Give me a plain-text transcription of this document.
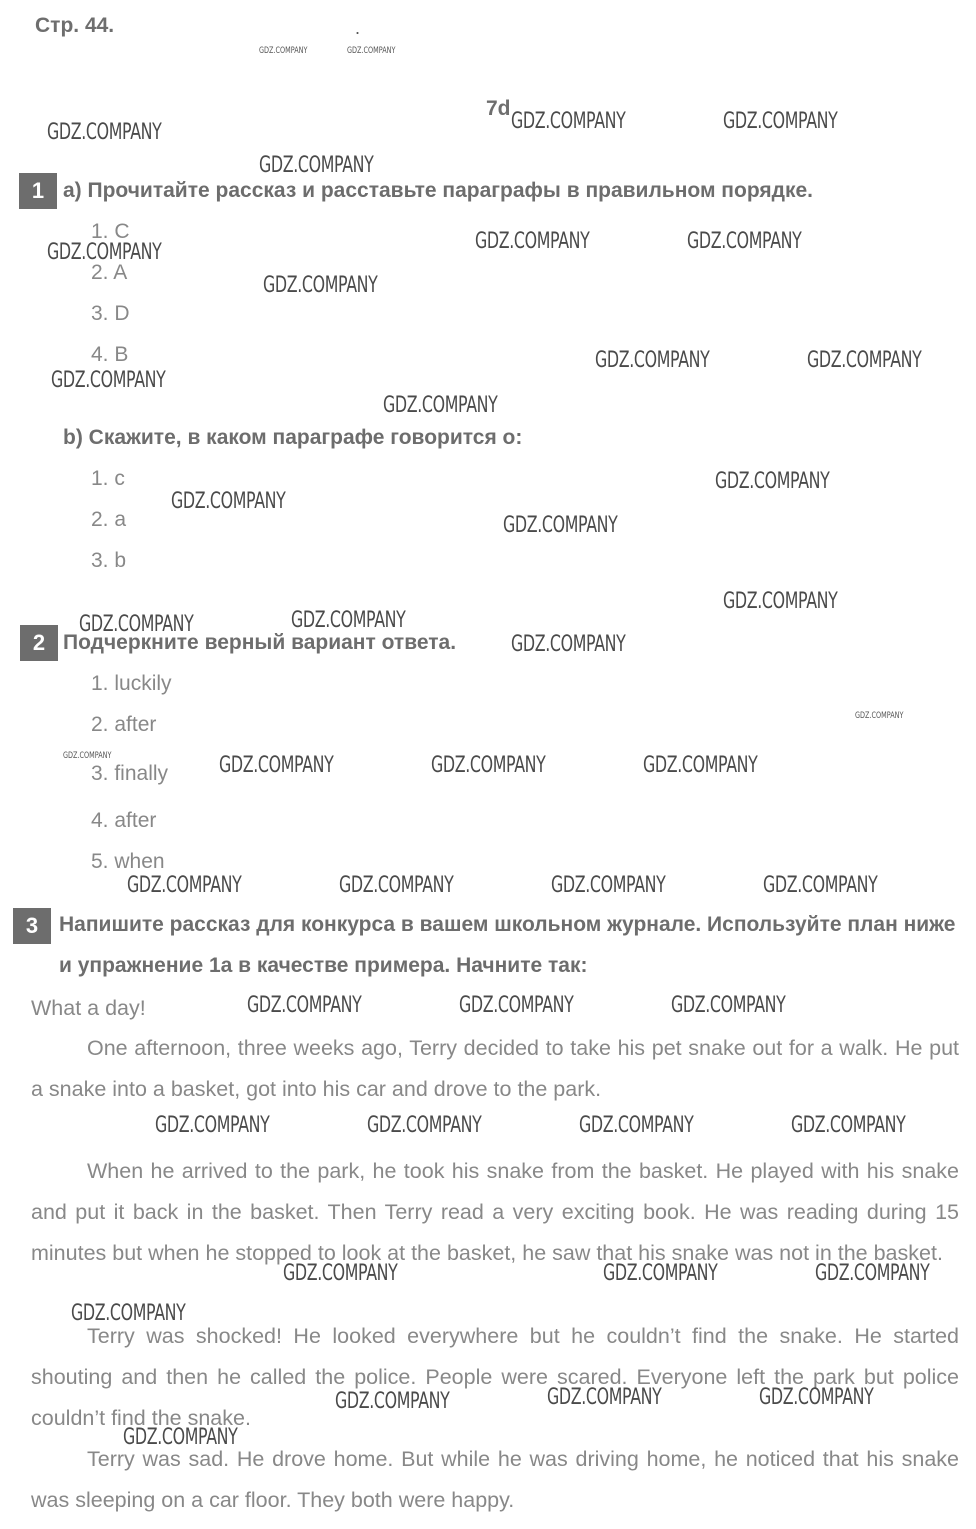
Стр. 44.	.
7d
1 a) Прочитайте рассказ и расставьте параграфы в правильном порядке.
1. C
2. A
3. D
4. B
b) Скажите, в каком параграфе говорится о:
1. c
2. a
3. b
2 Подчеркните верный вариант ответа.
1. luckily
2. after
3. finally
4. after
5. when
3 Напишите рассказ для конкурса в вашем школьном журнале. Используйте план ниже и упражнение 1a в качестве примера. Начните так:
What a day!
One afternoon, three weeks ago, Terry decided to take his pet snake out for a walk. He put a snake into a basket, got into his car and drove to the park.
When he arrived to the park, he took his snake from the basket. He played with his snake and put it back in the basket. Then Terry read a very exciting book. He was reading during 15 minutes but when he stopped to look at the basket, he saw that his snake was not in the basket.
Terry was shocked! He looked everywhere but he couldn’t find the snake. He started shouting and then he called the police. People were scared. Everyone left the park but police couldn’t find the snake.
Terry was sad. He drove home. But while he was driving home, he noticed that his snake was sleeping on a car floor. They both were happy.
GDZ.COMPANY	GDZ.COMPANY
GDZ.COMPANY
GDZ.COMPANY
GDZ.COMPANY	GDZ.COMPANY	GDZ.COMPANY
GDZ.COMPANY
GDZ.COMPANY	GDZ.COMPANY	GDZ.COMPANY
GDZ.COMPANY
GDZ.COMPANY
GDZ.COMPANY	GDZ.COMPANY
GDZ.COMPANY
GDZ.COMPANY
GDZ.COMPANY
GDZ.COMPANY
GDZ.COMPANY
GDZ.COMPANY	GDZ.COMPANY
GDZ.COMPANY
GDZ.COMPANY	GDZ.COMPANY	GDZ.COMPANY
GDZ.COMPANY	GDZ.COMPANY	GDZ.COMPANY	GDZ.COMPANY
GDZ.COMPANY	GDZ.COMPANY	GDZ.COMPANY
GDZ.COMPANY	GDZ.COMPANY	GDZ.COMPANY	GDZ.COMPANY
GDZ.COMPANY	GDZ.COMPANY	GDZ.COMPANY
GDZ.COMPANY
GDZ.COMPANY	GDZ.COMPANY	GDZ.COMPANY
GDZ.COMPANY
